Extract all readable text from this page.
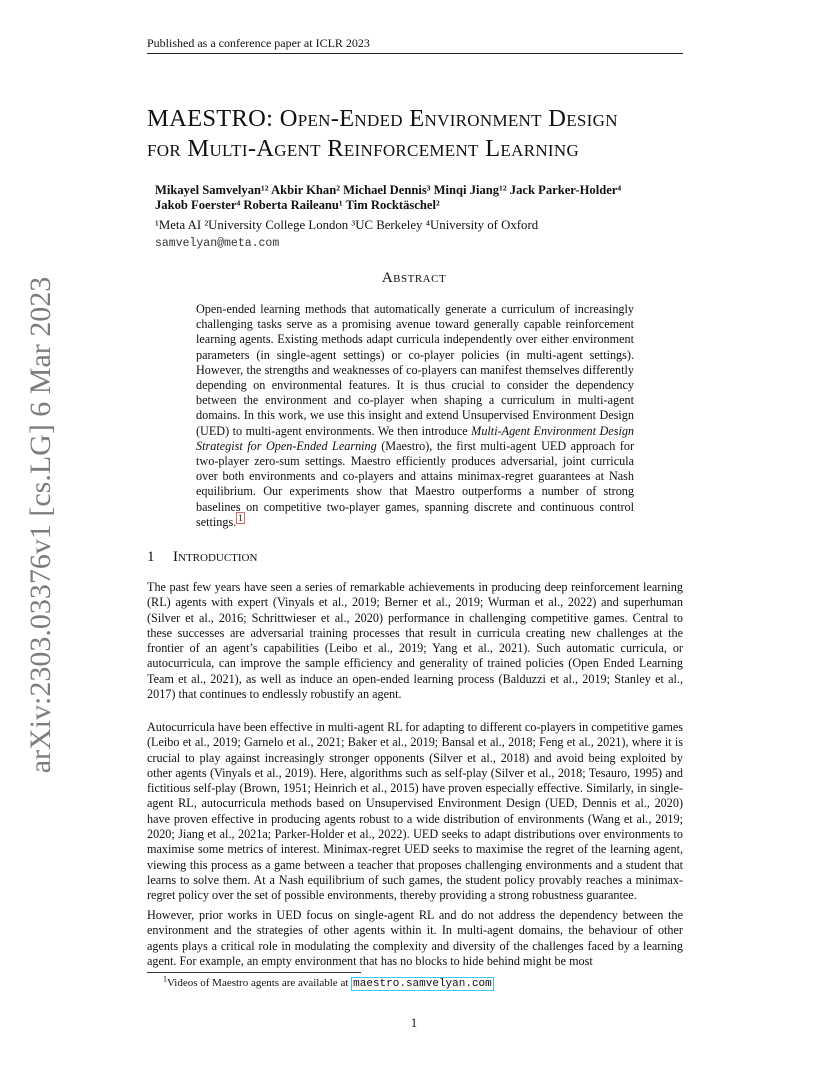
Published as a conference paper at ICLR 2023
MAESTRO: Open-Ended Environment Design
for Multi-Agent Reinforcement Learning
Mikayel Samvelyan¹² Akbir Khan² Michael Dennis³ Minqi Jiang¹² Jack Parker-Holder⁴
Jakob Foerster⁴ Roberta Raileanu¹ Tim Rocktäschel²
¹Meta AI ²University College London ³UC Berkeley ⁴University of Oxford
samvelyan@meta.com
arXiv:2303.03376v1 [cs.LG] 6 Mar 2023	Abstract
Open-ended learning methods that automatically generate a curriculum of increasingly challenging tasks serve as a promising avenue toward generally capable reinforcement learning agents. Existing methods adapt curricula independently over either environment parameters (in single-agent settings) or co-player policies (in multi-agent settings). However, the strengths and weaknesses of co-players can manifest themselves differently depending on environmental features. It is thus crucial to consider the dependency between the environment and co-player when shaping a curriculum in multi-agent domains. In this work, we use this insight and extend Unsupervised Environment Design (UED) to multi-agent environments. We then introduce Multi-Agent Environment Design Strategist for Open-Ended Learning (Maestro), the first multi-agent UED approach for two-player zero-sum settings. Maestro efficiently produces adversarial, joint curricula over both environments and co-players and attains minimax-regret guarantees at Nash equilibrium. Our experiments show that Maestro outperforms a number of strong baselines on competitive two-player games, spanning discrete and continuous control settings. $^1$
1 Introduction
The past few years have seen a series of remarkable achievements in producing deep reinforcement learning (RL) agents with expert (Vinyals et al., 2019; Berner et al., 2019; Wurman et al., 2022) and superhuman (Silver et al., 2016; Schrittwieser et al., 2020) performance in challenging competitive games. Central to these successes are adversarial training processes that result in curricula creating new challenges at the frontier of an agent’s capabilities (Leibo et al., 2019; Yang et al., 2021). Such automatic curricula, or autocurricula, can improve the sample efficiency and generality of trained policies (Open Ended Learning Team et al., 2021), as well as induce an open-ended learning process (Balduzzi et al., 2019; Stanley et al., 2017) that continues to endlessly robustify an agent.
Autocurricula have been effective in multi-agent RL for adapting to different co-players in competitive games (Leibo et al., 2019; Garnelo et al., 2021; Baker et al., 2019; Bansal et al., 2018; Feng et al., 2021), where it is crucial to play against increasingly stronger opponents (Silver et al., 2018) and avoid being exploited by other agents (Vinyals et al., 2019). Here, algorithms such as self-play (Silver et al., 2018; Tesauro, 1995) and fictitious self-play (Brown, 1951; Heinrich et al., 2015) have proven especially effective. Similarly, in single-agent RL, autocurricula methods based on Unsupervised Environment Design (UED, Dennis et al., 2020) have proven effective in producing agents robust to a wide distribution of environments (Wang et al., 2019; 2020; Jiang et al., 2021a; Parker-Holder et al., 2022). UED seeks to adapt distributions over environments to maximise some metrics of interest. Minimax-regret UED seeks to maximise the regret of the learning agent, viewing this process as a game between a teacher that proposes challenging environments and a student that learns to solve them. At a Nash equilibrium of such games, the student policy provably reaches a minimax-regret policy over the set of possible environments, thereby providing a strong robustness guarantee.
However, prior works in UED focus on single-agent RL and do not address the dependency between the environment and the strategies of other agents within it. In multi-agent domains, the behaviour of other agents plays a critical role in modulating the complexity and diversity of the challenges faced by a learning agent. For example, an empty environment that has no blocks to hide behind might be most
$^1$Videos of Maestro agents are available at maestro.samvelyan.com
1
